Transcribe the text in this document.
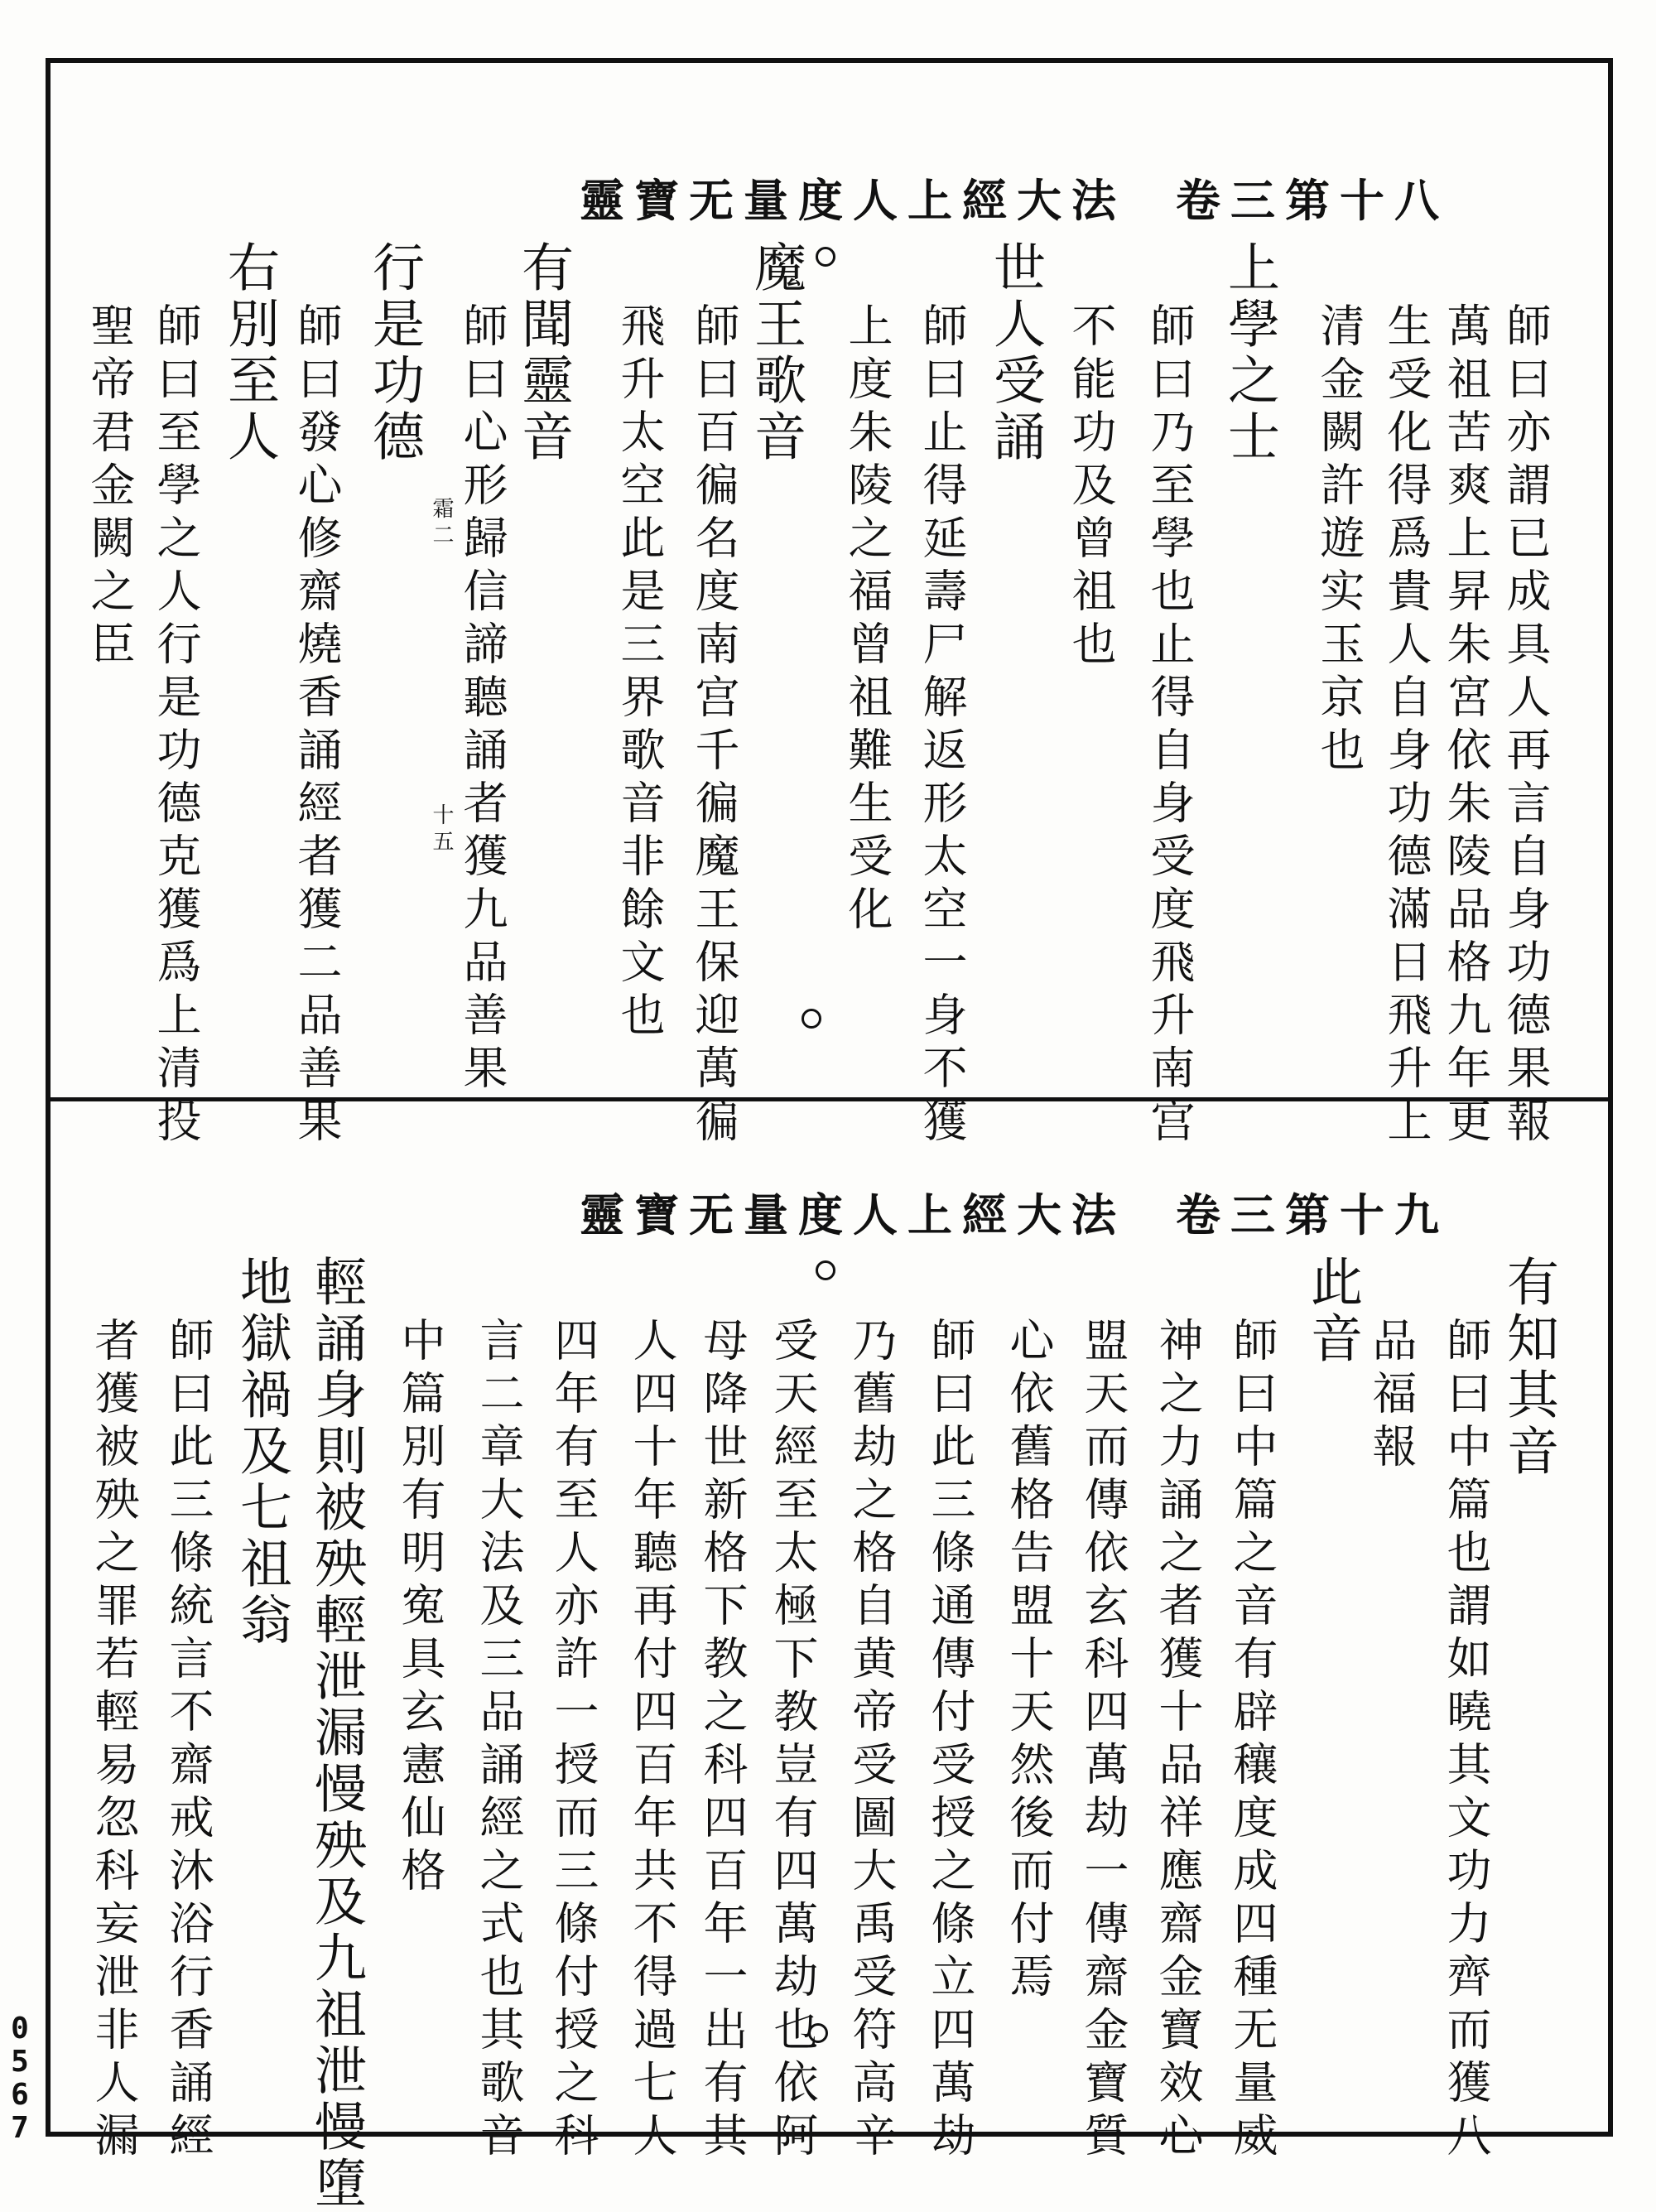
靈寶无量度人上經大法 卷三第十八
師曰亦謂已成具人再言自身功德果報
萬祖苦爽上昇朱宮依朱陵品格九年更
生受化得爲貴人自身功德滿日飛升上
清金闕許遊实玉京也
上學之士
師曰乃至學也止得自身受度飛升南宫
不能功及曾祖也
世人受誦
師曰止得延壽尸解返形太空一身不獲
上度朱陵之福曾祖難生受化
魔王歌音
師曰百徧名度南宫千徧魔王保迎萬徧
飛升太空此是三界歌音非餘文也
有聞靈音
師曰心形歸信諦聽誦者獲九品善果
行是功德
師曰發心修齋燒香誦經者獲二品善果
右別至人
師曰至學之人行是功德克獲爲上清投
聖帝君金闕之臣	霜二
十五
靈寶无量度人上經大法 卷三第十九
有知其音
師曰中篇也謂如曉其文功力齊而獲八
品福報
此音
師曰中篇之音有辟穰度成四種无量威
神之力誦之者獲十品祥應齋金寶效心
盟天而傳依玄科四萬劫一傳齋金寶質
心依舊格告盟十天然後而付焉
師曰此三條通傳付受授之條立四萬劫
乃舊劫之格自黄帝受圖大禹受符高辛
受天經至太極下教豈有四萬劫也依阿
母降世新格下教之科四百年一出有其
人四十年聽再付四百年共不得過七人
四年有至人亦許一授而三條付授之科
言二章大法及三品誦經之式也其歌音
中篇別有明寃具玄憲仙格
輕誦身則被殃輕泄漏慢殃及九祖泄慢墮
地獄禍及七祖翁
師曰此三條統言不齋戒沐浴行香誦經
者獲被殃之罪若輕易忽科妄泄非人漏
0
5
6
7
